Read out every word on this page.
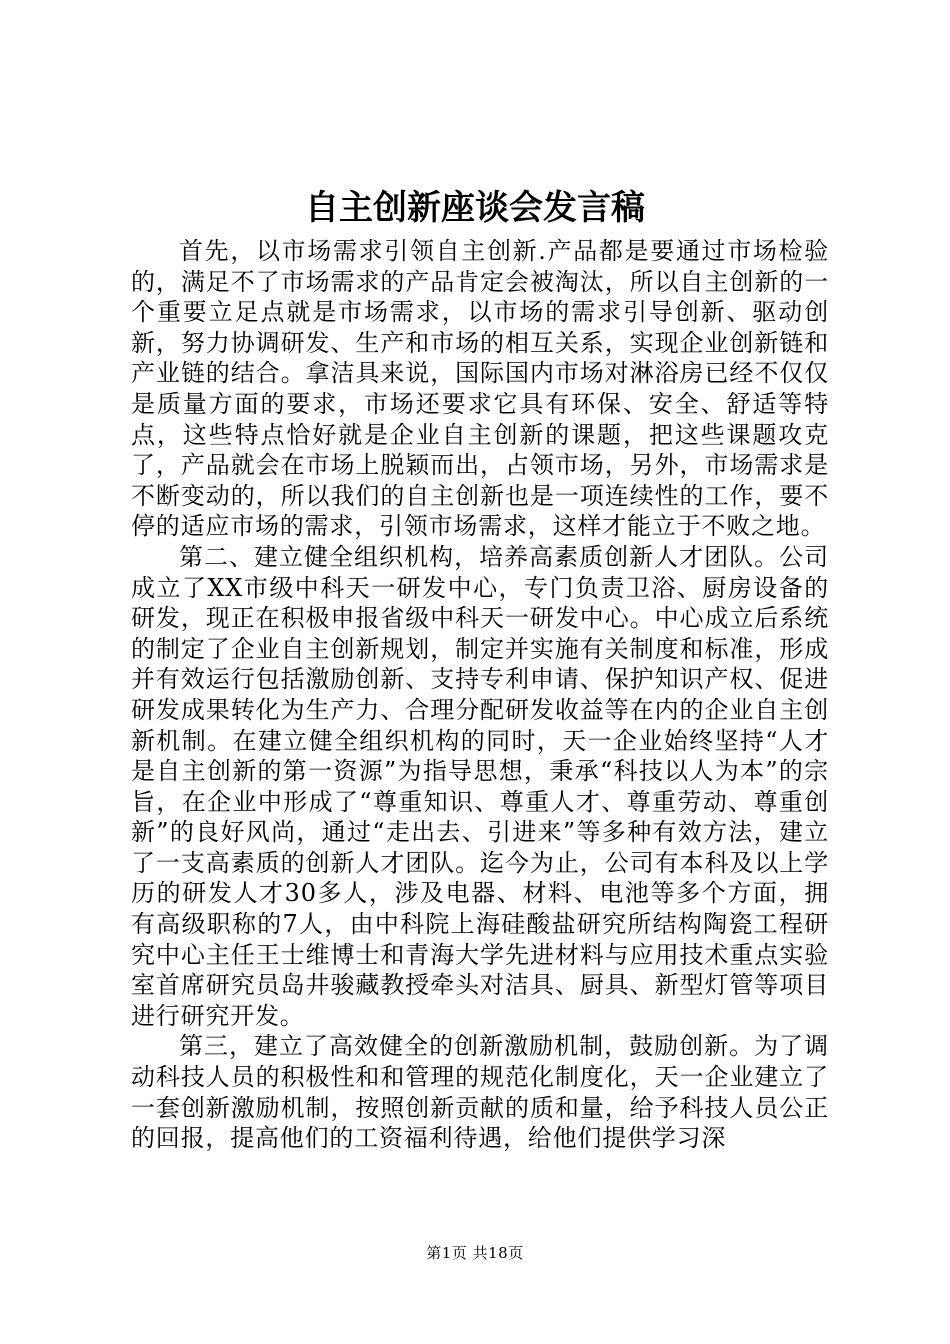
自主创新座谈会发言稿

首先，以市场需求引领自主创新.产品都是要通过市场检验的，满足不了市场需求的产品肯定会被淘汰，所以自主创新的一个重要立足点就是市场需求，以市场的需求引导创新、驱动创新，努力协调研发、生产和市场的相互关系，实现企业创新链和产业链的结合。拿洁具来说，国际国内市场对淋浴房已经不仅仅是质量方面的要求，市场还要求它具有环保、安全、舒适等特点，这些特点恰好就是企业自主创新的课题，把这些课题攻克了，产品就会在市场上脱颖而出，占领市场，另外，市场需求是不断变动的，所以我们的自主创新也是一项连续性的工作，要不停的适应市场的需求，引领市场需求，这样才能立于不败之地。

第二、建立健全组织机构，培养高素质创新人才团队。公司成立了XX市级中科天一研发中心，专门负责卫浴、厨房设备的研发，现正在积极申报省级中科天一研发中心。中心成立后系统的制定了企业自主创新规划，制定并实施有关制度和标准，形成并有效运行包括激励创新、支持专利申请、保护知识产权、促进研发成果转化为生产力、合理分配研发收益等在内的企业自主创新机制。在建立健全组织机构的同时，天一企业始终坚持“人才是自主创新的第一资源”为指导思想，秉承“科技以人为本”的宗旨，在企业中形成了“尊重知识、尊重人才、尊重劳动、尊重创新”的良好风尚，通过“走出去、引进来”等多种有效方法，建立了一支高素质的创新人才团队。迄今为止，公司有本科及以上学历的研发人才30多人，涉及电器、材料、电池等多个方面，拥有高级职称的7人，由中科院上海硅酸盐研究所结构陶瓷工程研究中心主任王士维博士和青海大学先进材料与应用技术重点实验室首席研究员岛井骏藏教授牵头对洁具、厨具、新型灯管等项目进行研究开发。

第三，建立了高效健全的创新激励机制，鼓励创新。为了调动科技人员的积极性和和管理的规范化制度化，天一企业建立了一套创新激励机制，按照创新贡献的质和量，给予科技人员公正的回报，提高他们的工资福利待遇，给他们提供学习深

第1页 共18页
